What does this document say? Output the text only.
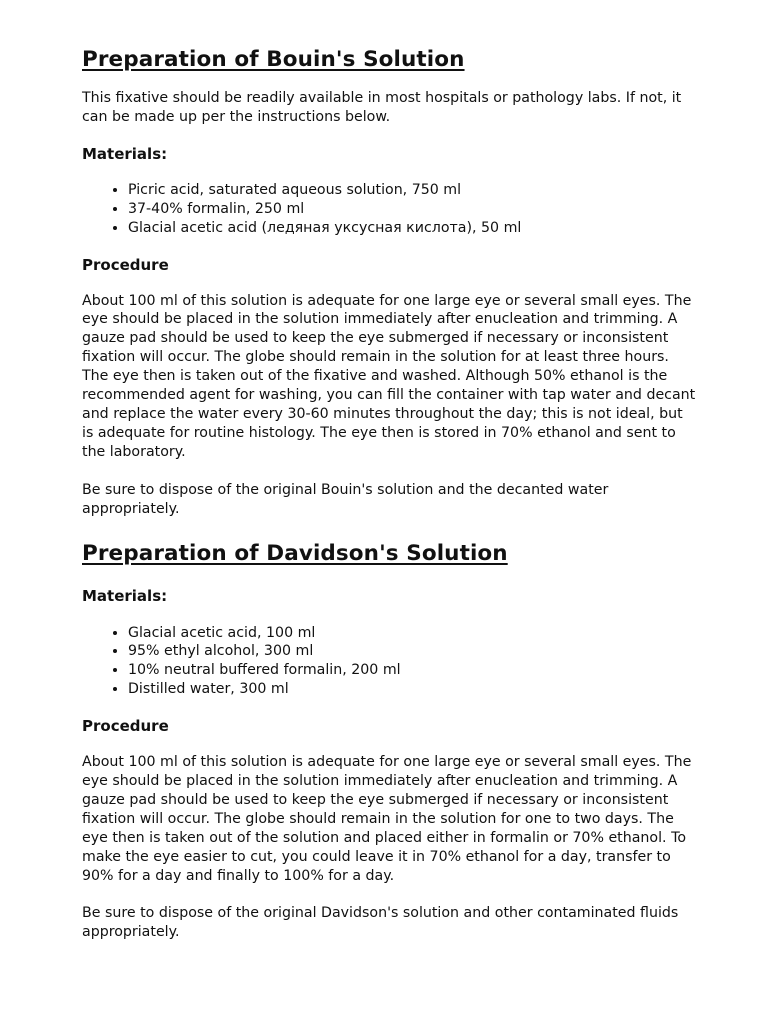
Preparation of Bouin's Solution

This fixative should be readily available in most hospitals or pathology labs. If not, it can be made up per the instructions below.

Materials:
• Picric acid, saturated aqueous solution, 750 ml
• 37-40% formalin, 250 ml
• Glacial acetic acid (ледяная уксусная кислота), 50 ml
Procedure

About 100 ml of this solution is adequate for one large eye or several small eyes. The eye should be placed in the solution immediately after enucleation and trimming. A gauze pad should be used to keep the eye submerged if necessary or inconsistent fixation will occur. The globe should remain in the solution for at least three hours. The eye then is taken out of the fixative and washed. Although 50% ethanol is the recommended agent for washing, you can fill the container with tap water and decant and replace the water every 30-60 minutes throughout the day; this is not ideal, but is adequate for routine histology. The eye then is stored in 70% ethanol and sent to the laboratory.

Be sure to dispose of the original Bouin's solution and the decanted water appropriately.

Preparation of Davidson's Solution
Materials:
• Glacial acetic acid, 100 ml
• 95% ethyl alcohol, 300 ml
• 10% neutral buffered formalin, 200 ml
• Distilled water, 300 ml
Procedure

About 100 ml of this solution is adequate for one large eye or several small eyes. The eye should be placed in the solution immediately after enucleation and trimming. A gauze pad should be used to keep the eye submerged if necessary or inconsistent fixation will occur. The globe should remain in the solution for one to two days. The eye then is taken out of the solution and placed either in formalin or 70% ethanol. To make the eye easier to cut, you could leave it in 70% ethanol for a day, transfer to 90% for a day and finally to 100% for a day.

Be sure to dispose of the original Davidson's solution and other contaminated fluids appropriately.
